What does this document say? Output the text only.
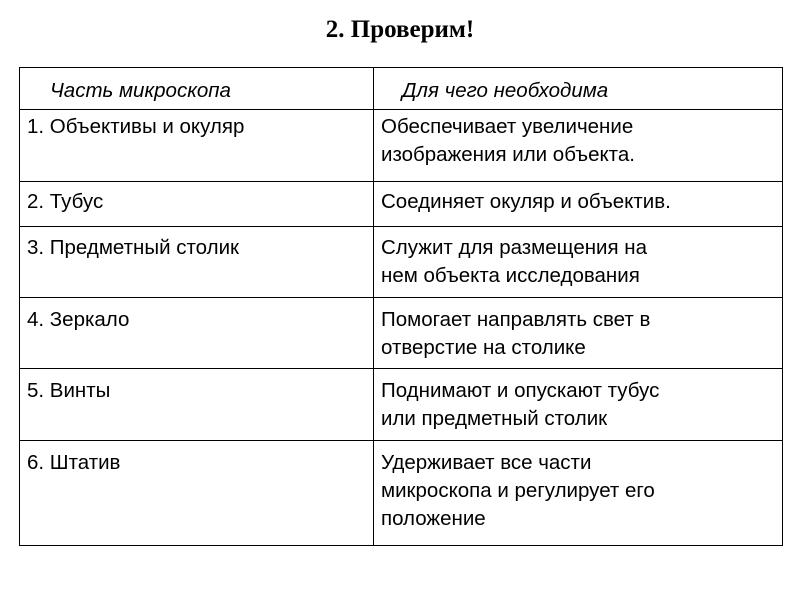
2. Проверим!
Часть микроскопа	Для чего необходима
1. Объективы и окуляр	Обеспечивает увеличение
изображения или объекта.

2. Тубус	Соединяет окуляр и объектив.

3. Предметный столик	Служит для размещения на
нем объекта исследования

4. Зеркало	Помогает направлять свет в
отверстие на столике

5. Винты	Поднимают и опускают тубус
или предметный столик

6. Штатив	Удерживает все части
микроскопа и регулирует его
положение
